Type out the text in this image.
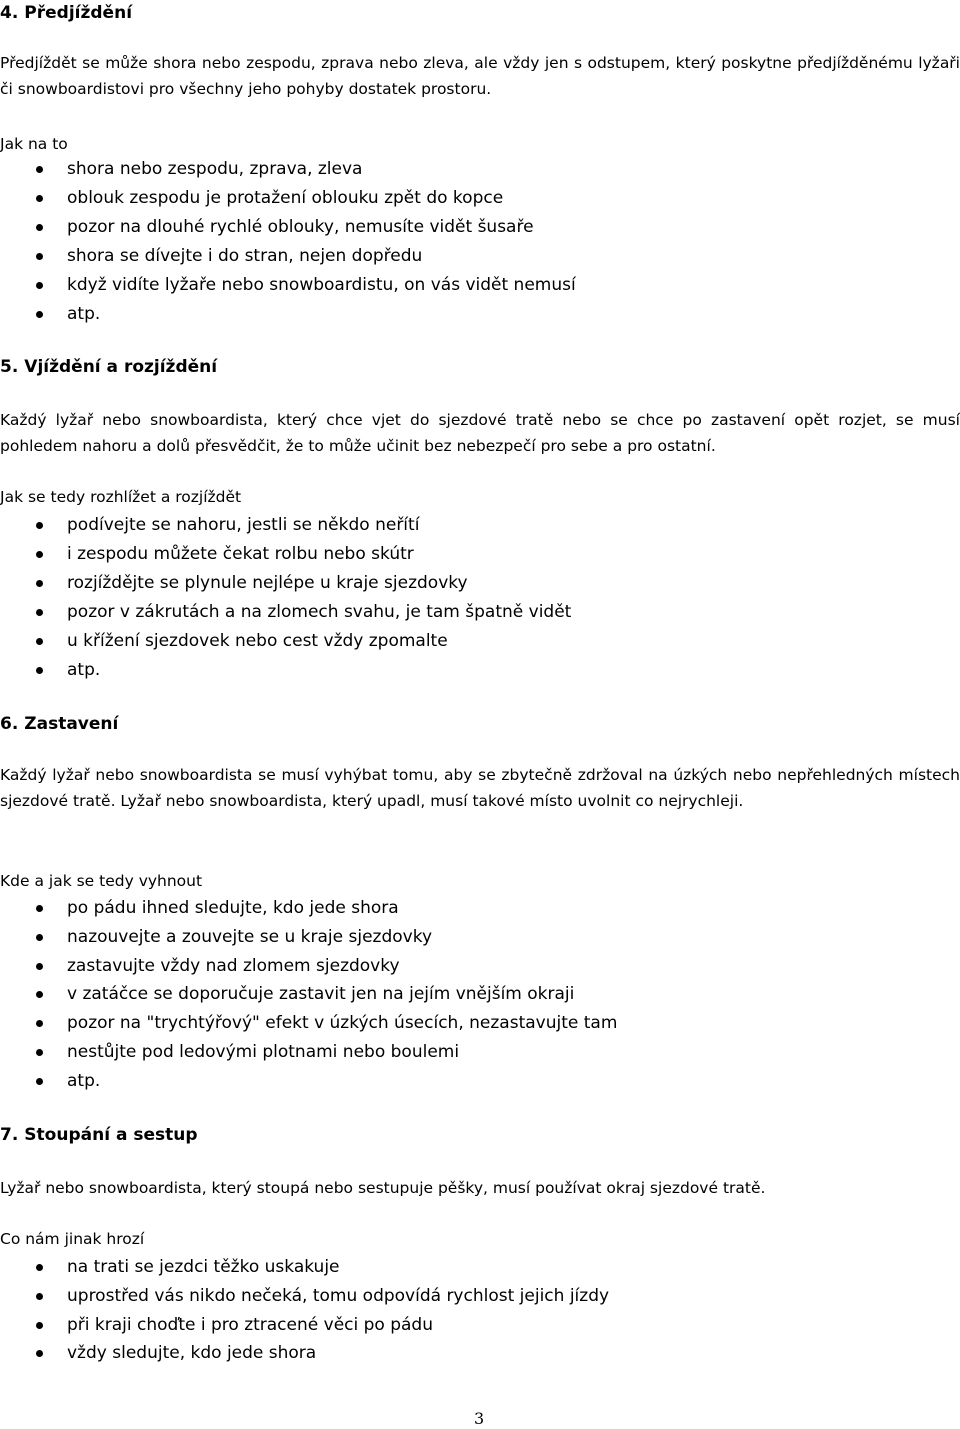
4. Předjíždění

Předjíždět se může shora nebo zespodu, zprava nebo zleva, ale vždy jen s odstupem, který poskytne předjížděnému lyžaři či snowboardistovi pro všechny jeho pohyby dostatek prostoru.

Jak na to

shora nebo zespodu, zprava, zleva
oblouk zespodu je protažení oblouku zpět do kopce
pozor na dlouhé rychlé oblouky, nemusíte vidět šusaře
shora se dívejte i do stran, nejen dopředu
když vidíte lyžaře nebo snowboardistu, on vás vidět nemusí
atp.
5. Vjíždění a rozjíždění

Každý lyžař nebo snowboardista, který chce vjet do sjezdové tratě nebo se chce po zastavení opět rozjet, se musí pohledem nahoru a dolů přesvědčit, že to může učinit bez nebezpečí pro sebe a pro ostatní.

Jak se tedy rozhlížet a rozjíždět

podívejte se nahoru, jestli se někdo neřítí
i zespodu můžete čekat rolbu nebo skútr
rozjíždějte se plynule nejlépe u kraje sjezdovky
pozor v zákrutách a na zlomech svahu, je tam špatně vidět
u křížení sjezdovek nebo cest vždy zpomalte
atp.
6. Zastavení

Každý lyžař nebo snowboardista se musí vyhýbat tomu, aby se zbytečně zdržoval na úzkých nebo nepřehledných místech sjezdové tratě. Lyžař nebo snowboardista, který upadl, musí takové místo uvolnit co nejrychleji.

Kde a jak se tedy vyhnout

po pádu ihned sledujte, kdo jede shora
nazouvejte a zouvejte se u kraje sjezdovky
zastavujte vždy nad zlomem sjezdovky
v zatáčce se doporučuje zastavit jen na jejím vnějším okraji
pozor na "trychtýřový" efekt v úzkých úsecích, nezastavujte tam
nestůjte pod ledovými plotnami nebo boulemi
atp.
7. Stoupání a sestup

Lyžař nebo snowboardista, který stoupá nebo sestupuje pěšky, musí používat okraj sjezdové tratě.

Co nám jinak hrozí

na trati se jezdci těžko uskakuje
uprostřed vás nikdo nečeká, tomu odpovídá rychlost jejich jízdy
při kraji choďte i pro ztracené věci po pádu
vždy sledujte, kdo jede shora
3
